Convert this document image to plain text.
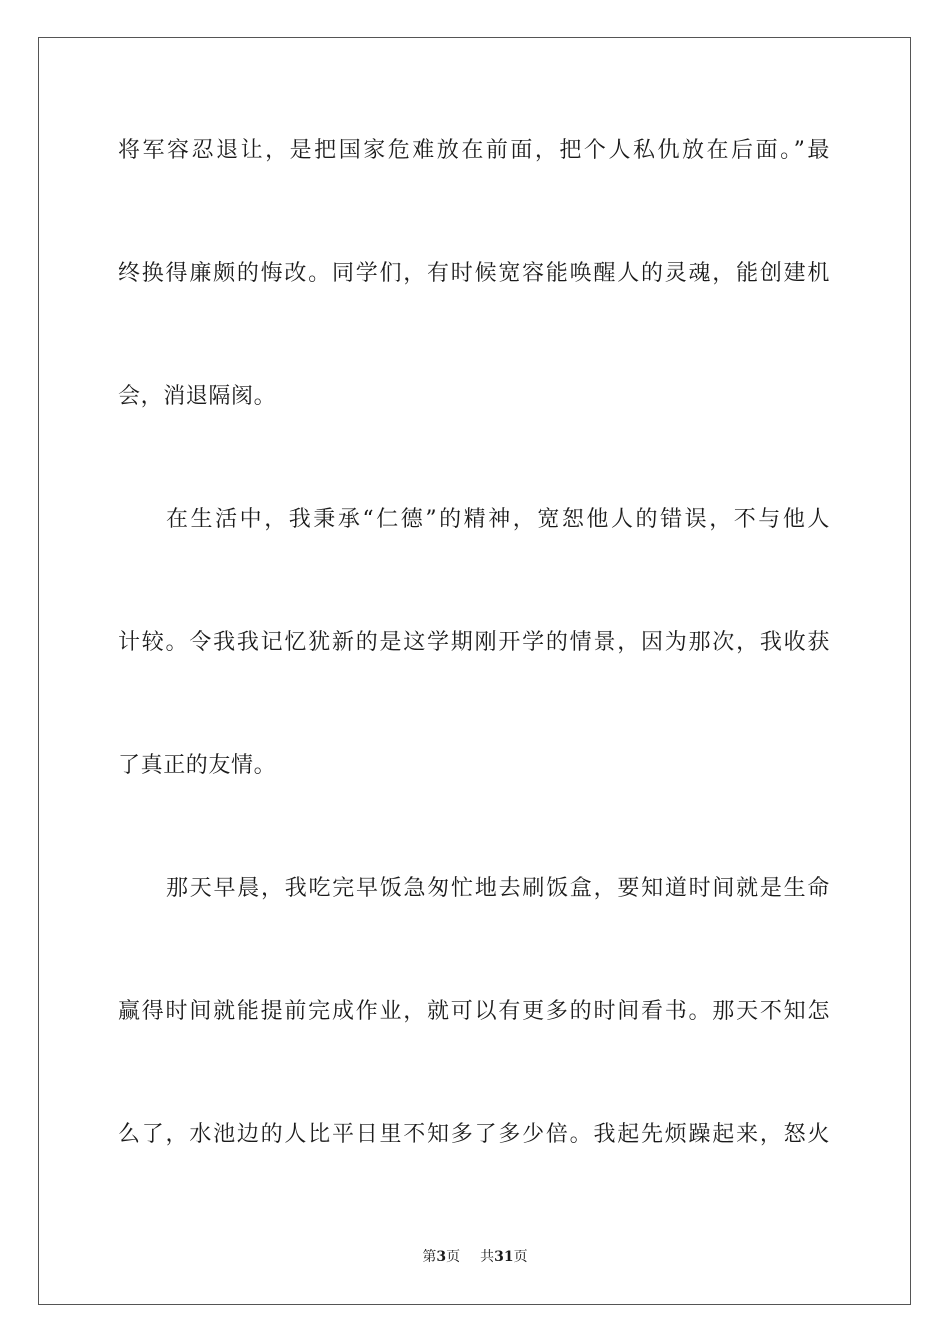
将军容忍退让，是把国家危难放在前面，把个人私仇放在后面。”最
终换得廉颇的悔改。同学们，有时候宽容能唤醒人的灵魂，能创建机
会，消退隔阂。
在生活中，我秉承“仁德”的精神，宽恕他人的错误，不与他人
计较。令我我记忆犹新的是这学期刚开学的情景，因为那次，我收获
了真正的友情。
那天早晨，我吃完早饭急匆忙地去刷饭盒，要知道时间就是生命
赢得时间就能提前完成作业，就可以有更多的时间看书。那天不知怎
么了，水池边的人比平日里不知多了多少倍。我起先烦躁起来，怒火
第3页 共31页
